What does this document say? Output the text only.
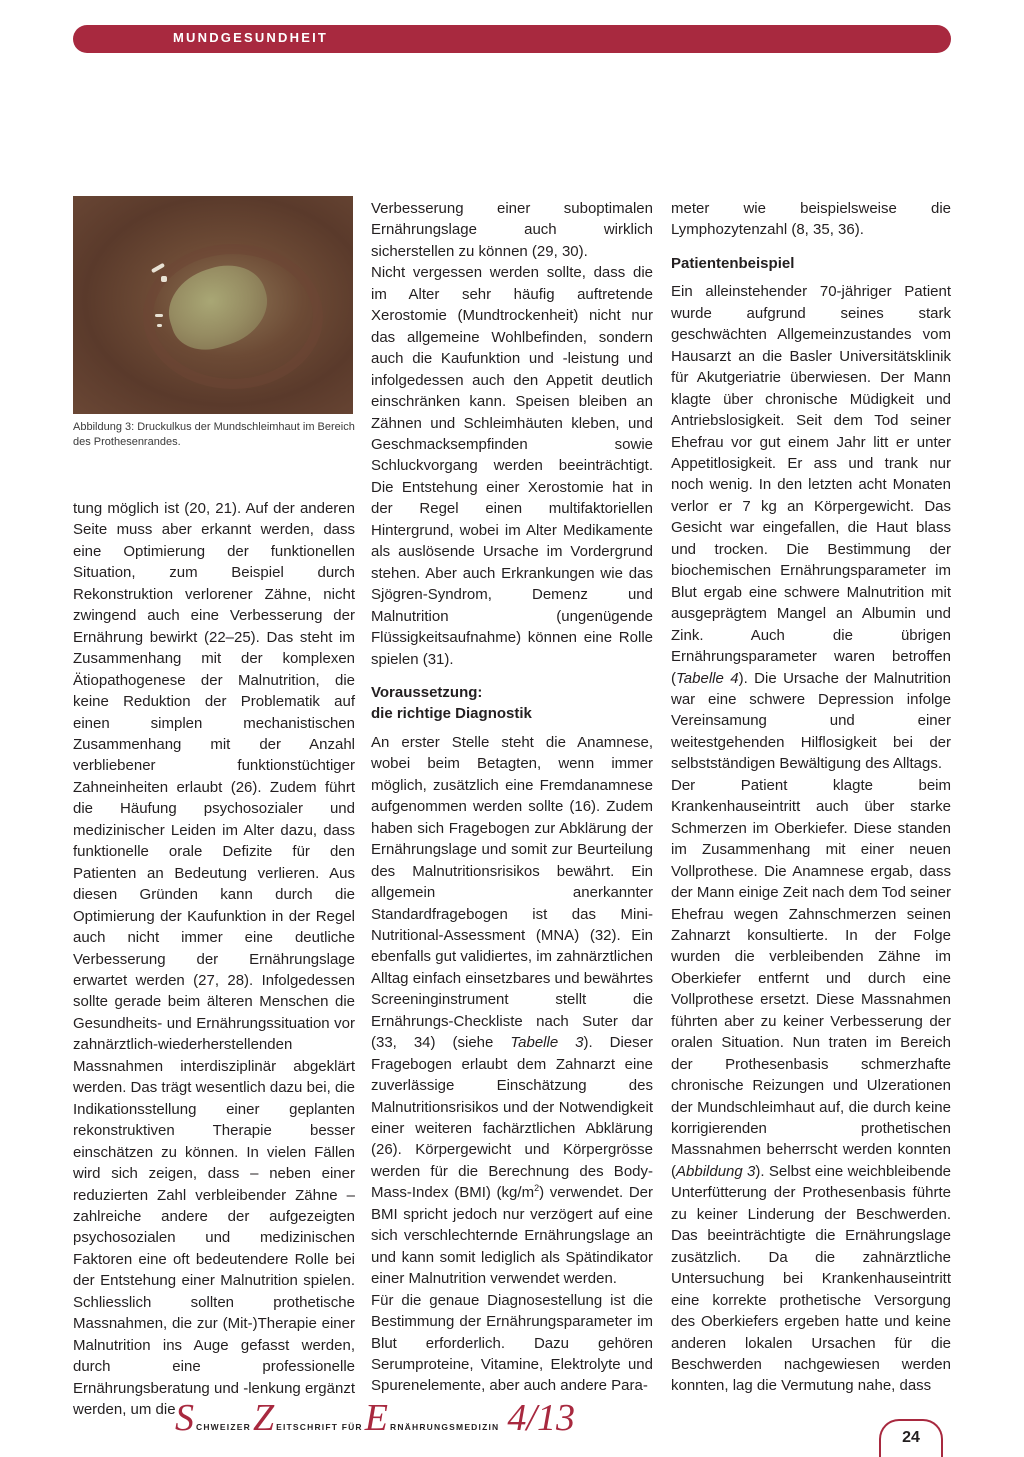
MUNDGESUNDHEIT
Abbildung 3: Druckulkus der Mundschleimhaut im Bereich des Prothesenrandes.

tung möglich ist (20, 21). Auf der anderen Seite muss aber erkannt werden, dass eine Optimierung der funktionellen Situation, zum Beispiel durch Rekonstruktion verlorener Zähne, nicht zwingend auch eine Verbesserung der Ernährung bewirkt (22–25). Das steht im Zusammenhang mit der komplexen Ätiopathogenese der Malnutrition, die keine Reduktion der Problematik auf einen simplen mechanistischen Zusammenhang mit der Anzahl verbliebener funktionstüchtiger Zahneinheiten erlaubt (26). Zudem führt die Häufung psychosozialer und medizinischer Leiden im Alter dazu, dass funktionelle orale Defizite für den Patienten an Bedeutung verlieren. Aus diesen Gründen kann durch die Optimierung der Kaufunktion in der Regel auch nicht immer eine deutliche Verbesserung der Ernährungslage erwartet werden (27, 28). Infolgedessen sollte gerade beim älteren Menschen die Gesundheits- und Ernährungssituation vor zahnärztlich-wiederherstellenden Massnahmen interdisziplinär abgeklärt werden. Das trägt wesentlich dazu bei, die Indikationsstellung einer geplanten rekonstruktiven Therapie besser einschätzen zu können. In vielen Fällen wird sich zeigen, dass – neben einer reduzierten Zahl verbleibender Zähne – zahlreiche andere der aufgezeigten psychosozialen und medizinischen Faktoren eine oft bedeutendere Rolle bei der Entstehung einer Malnutrition spielen. Schliesslich sollten prothetische Massnahmen, die zur (Mit-)Therapie einer Malnutrition ins Auge gefasst werden, durch eine professionelle Ernährungsberatung und -lenkung ergänzt werden, um die

Verbesserung einer suboptimalen Ernährungslage auch wirklich sicherstellen zu können (29, 30).

Nicht vergessen werden sollte, dass die im Alter sehr häufig auftretende Xerostomie (Mundtrockenheit) nicht nur das allgemeine Wohlbefinden, sondern auch die Kaufunktion und -leistung und infolgedessen auch den Appetit deutlich einschränken kann. Speisen bleiben an Zähnen und Schleimhäuten kleben, und Geschmacksempfinden sowie Schluckvorgang werden beeinträchtigt. Die Entstehung einer Xerostomie hat in der Regel einen multifaktoriellen Hintergrund, wobei im Alter Medikamente als auslösende Ursache im Vordergrund stehen. Aber auch Erkrankungen wie das Sjögren-Syndrom, Demenz und Malnutrition (ungenügende Flüssigkeitsaufnahme) können eine Rolle spielen (31).

Voraussetzung:
die richtige Diagnostik

An erster Stelle steht die Anamnese, wobei beim Betagten, wenn immer möglich, zusätzlich eine Fremdanamnese aufgenommen werden sollte (16). Zudem haben sich Fragebogen zur Abklärung der Ernährungslage und somit zur Beurteilung des Malnutritionsrisikos bewährt. Ein allgemein anerkannter Standardfragebogen ist das Mini-Nutritional-Assessment (MNA) (32). Ein ebenfalls gut validiertes, im zahnärztlichen Alltag einfach einsetzbares und bewährtes Screeninginstrument stellt die Ernährungs-Checkliste nach Suter dar (33, 34) (siehe Tabelle 3). Dieser Fragebogen erlaubt dem Zahnarzt eine zuverlässige Einschätzung des Malnutritionsrisikos und der Notwendigkeit einer weiteren fachärztlichen Abklärung (26). Körpergewicht und Körpergrösse werden für die Berechnung des Body-Mass-Index (BMI) $(kg/m^2)$ verwendet. Der BMI spricht jedoch nur verzögert auf eine sich verschlechternde Ernährungslage an und kann somit lediglich als Spätindikator einer Malnutrition verwendet werden.

Für die genaue Diagnosestellung ist die Bestimmung der Ernährungsparameter im Blut erforderlich. Dazu gehören Serumproteine, Vitamine, Elektrolyte und Spurenelemente, aber auch andere Para-

meter wie beispielsweise die Lymphozytenzahl (8, 35, 36).

Patientenbeispiel

Ein alleinstehender 70-jähriger Patient wurde aufgrund seines stark geschwächten Allgemeinzustandes vom Hausarzt an die Basler Universitätsklinik für Akutgeriatrie überwiesen. Der Mann klagte über chronische Müdigkeit und Antriebslosigkeit. Seit dem Tod seiner Ehefrau vor gut einem Jahr litt er unter Appetitlosigkeit. Er ass und trank nur noch wenig. In den letzten acht Monaten verlor er 7 kg an Körpergewicht. Das Gesicht war eingefallen, die Haut blass und trocken. Die Bestimmung der biochemischen Ernährungsparameter im Blut ergab eine schwere Malnutrition mit ausgeprägtem Mangel an Albumin und Zink. Auch die übrigen Ernährungsparameter waren betroffen (Tabelle 4). Die Ursache der Malnutrition war eine schwere Depression infolge Vereinsamung und einer weitestgehenden Hilflosigkeit bei der selbstständigen Bewältigung des Alltags.

Der Patient klagte beim Krankenhauseintritt auch über starke Schmerzen im Oberkiefer. Diese standen im Zusammenhang mit einer neuen Vollprothese. Die Anamnese ergab, dass der Mann einige Zeit nach dem Tod seiner Ehefrau wegen Zahnschmerzen seinen Zahnarzt konsultierte. In der Folge wurden die verbleibenden Zähne im Oberkiefer entfernt und durch eine Vollprothese ersetzt. Diese Massnahmen führten aber zu keiner Verbesserung der oralen Situation. Nun traten im Bereich der Prothesenbasis schmerzhafte chronische Reizungen und Ulzerationen der Mundschleimhaut auf, die durch keine korrigierenden prothetischen Massnahmen beherrscht werden konnten (Abbildung 3). Selbst eine weichbleibende Unterfütterung der Prothesenbasis führte zu keiner Linderung der Beschwerden. Das beeinträchtigte die Ernährungslage zusätzlich. Da die zahnärztliche Untersuchung bei Krankenhauseintritt eine korrekte prothetische Versorgung des Oberkiefers ergeben hatte und keine anderen lokalen Ursachen für die Beschwerden nachgewiesen werden konnten, lag die Vermutung nahe, dass

S CHWEIZER Z EITSCHRIFT FÜR E RNÄHRUNGSMEDIZIN 4/13	24
